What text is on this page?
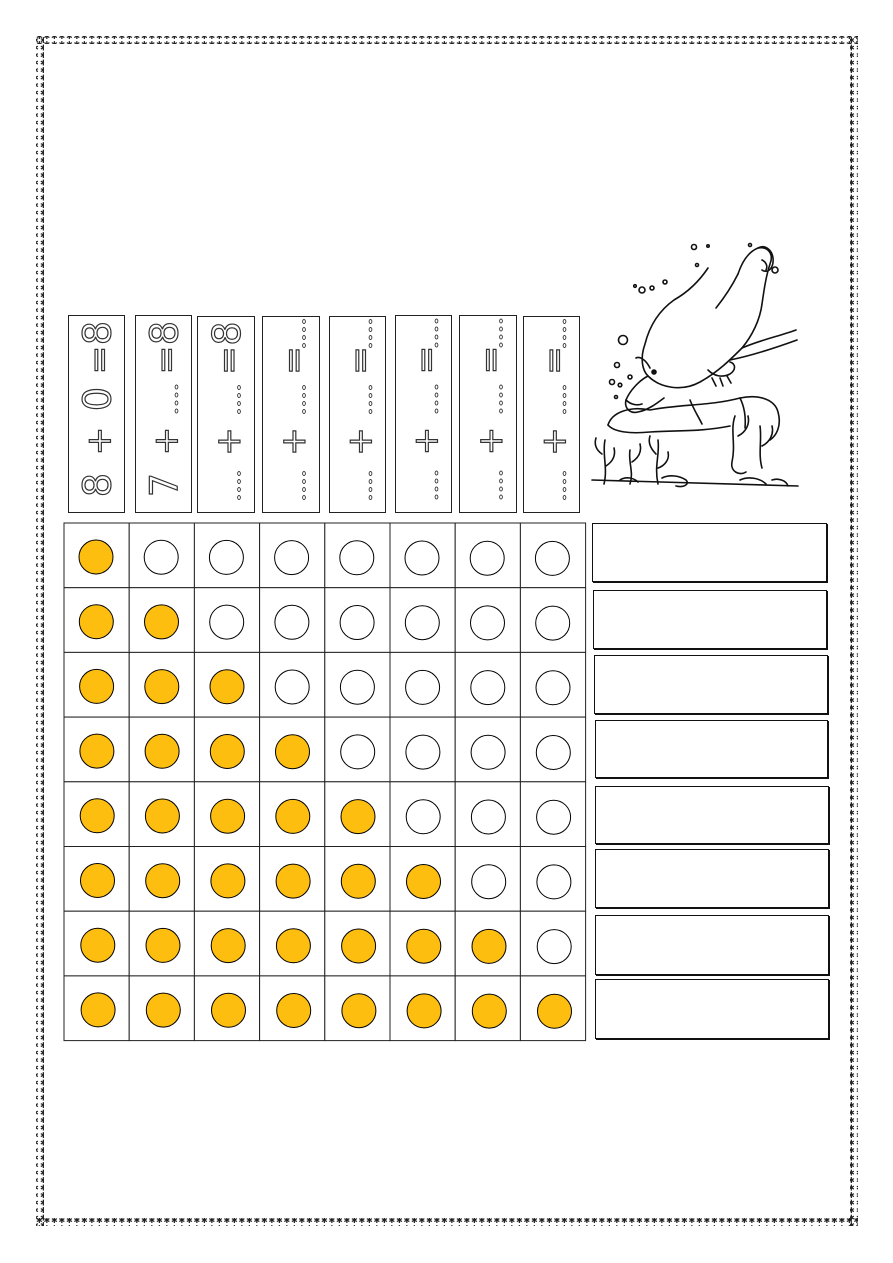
8
+
0
=
8
7
+
=
8
+
=
8
+
=
+
=
+
=
+
=
+
=
